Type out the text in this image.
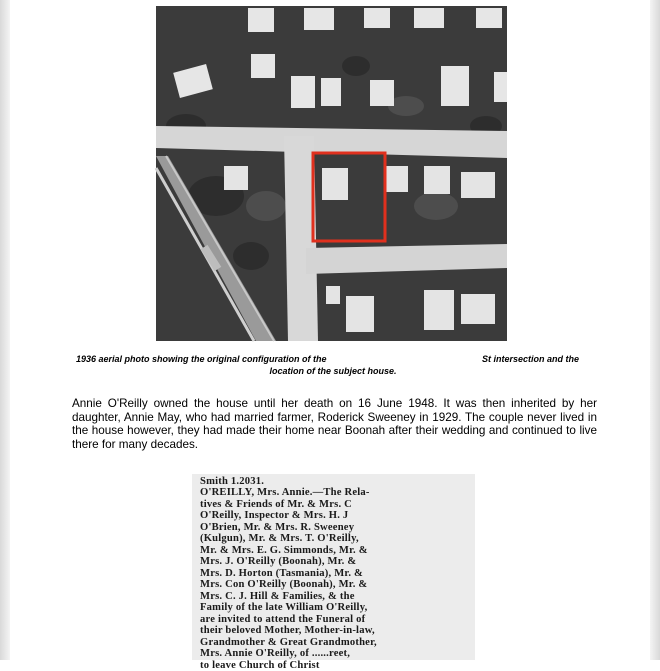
1936 aerial photo showing the original configuration of the	St intersection and the
location of the subject house.

Annie O'Reilly owned the house until her death on 16 June 1948. It was then inherited by her daughter, Annie May, who had married farmer, Roderick Sweeney in 1929. The couple never lived in the house however, they had made their home near Boonah after their wedding and continued to live there for many decades.

Smith 1.2031.
O'REILLY, Mrs. Annie.—The Rela-
tives & Friends of Mr. & Mrs. C
O'Reilly, Inspector & Mrs. H. J
O'Brien, Mr. & Mrs. R. Sweeney
(Kulgun), Mr. & Mrs. T. O'Reilly,
Mr. & Mrs. E. G. Simmonds, Mr. &
Mrs. J. O'Reilly (Boonah), Mr. &
Mrs. D. Horton (Tasmania), Mr. &
Mrs. Con O'Reilly (Boonah), Mr. &
Mrs. C. J. Hill & Families, & the
Family of the late William O'Reilly,
are invited to attend the Funeral of
their beloved Mother, Mother-in-law,
Grandmother & Great Grandmother,
Mrs. Annie O'Reilly, of ......reet,
to leave Church of Christ
